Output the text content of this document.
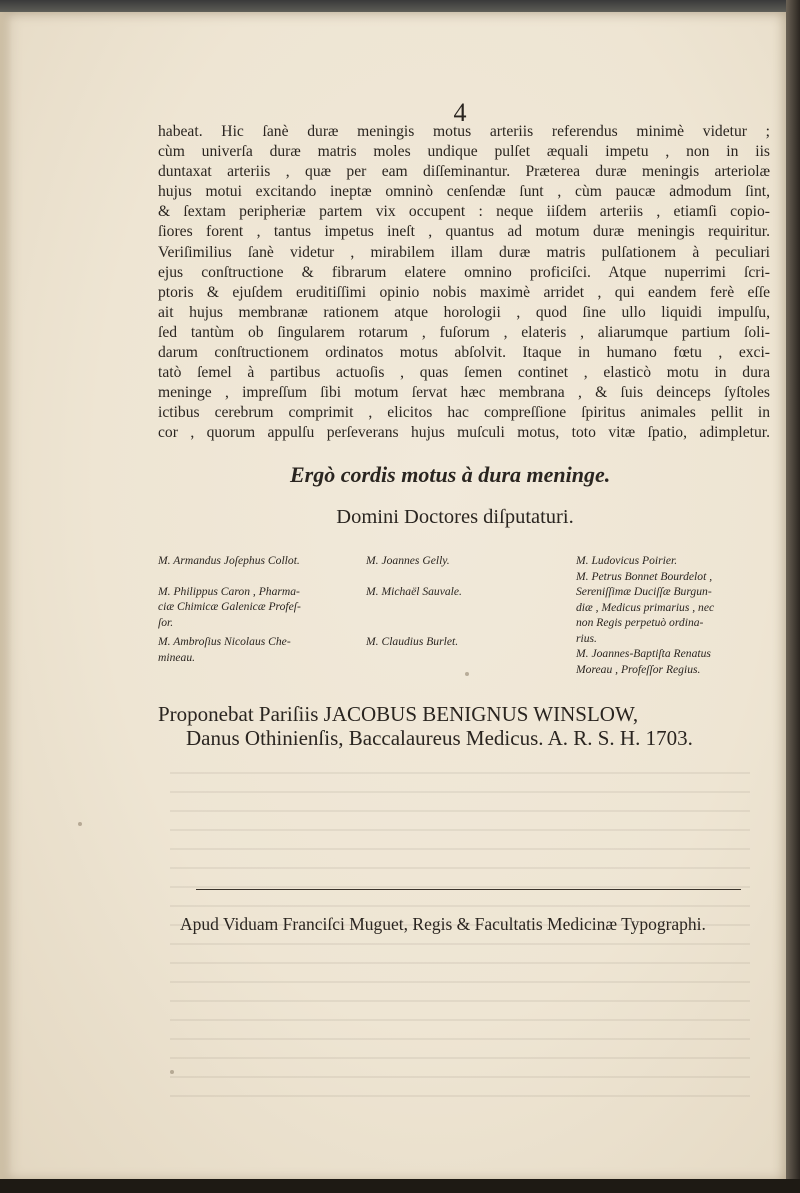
4
habeat. Hic ſanè duræ meningis motus arteriis referendus minimè videtur ;
cùm univerſa duræ matris moles undique pulſet æquali impetu , non in iis
duntaxat arteriis , quæ per eam diſſeminantur. Præterea duræ meningis arteriolæ
hujus motui excitando ineptæ omninò cenſendæ ſunt , cùm paucæ admodum ſint,
& ſextam peripheriæ partem vix occupent : neque iiſdem arteriis , etiamſi copio-
ſiores forent , tantus impetus ineſt , quantus ad motum duræ meningis requiritur.
Veriſimilius ſanè videtur , mirabilem illam duræ matris pulſationem à peculiari
ejus conſtructione & fibrarum elatere omnino proficiſci. Atque nuperrimi ſcri-
ptoris & ejuſdem eruditiſſimi opinio nobis maximè arridet , qui eandem ferè eſſe
ait hujus membranæ rationem atque horologii , quod ſine ullo liquidi impulſu,
ſed tantùm ob ſingularem rotarum , fuſorum , elateris , aliarumque partium ſoli-
darum conſtructionem ordinatos motus abſolvit. Itaque in humano fœtu , exci-
tatò ſemel à partibus actuoſis , quas ſemen continet , elasticò motu in dura
meninge , impreſſum ſibi motum ſervat hæc membrana , & ſuis deinceps ſyſtoles
ictibus cerebrum comprimit , elicitos hac compreſſione ſpiritus animales pellit in
cor , quorum appulſu perſeverans hujus muſculi motus, toto vitæ ſpatio, adimpletur.
Ergò cordis motus à dura meninge.
Domini Doctores diſputaturi.
M. Armandus Joſephus Collot.
M. Philippus Caron , Pharma-
ciæ Chimicæ Galenicæ Profeſ-
ſor.
M. Ambroſius Nicolaus Che-
mineau.
M. Joannes Gelly.
M. Michaël Sauvale.
M. Claudius Burlet.
M. Ludovicus Poirier.
M. Petrus Bonnet Bourdelot ,
Sereniſſimæ Duciſſæ Burgun-
diæ , Medicus primarius , nec
non Regis perpetuò ordina-
rius.
M. Joannes-Baptiſta Renatus
Moreau , Profeſſor Regius.
Proponebat Pariſiis JACOBUS BENIGNUS WINSLOW,
Danus Othinienſis, Baccalaureus Medicus. A. R. S. H. 1703.
Apud Viduam Franciſci Muguet, Regis & Facultatis Medicinæ Typographi.
